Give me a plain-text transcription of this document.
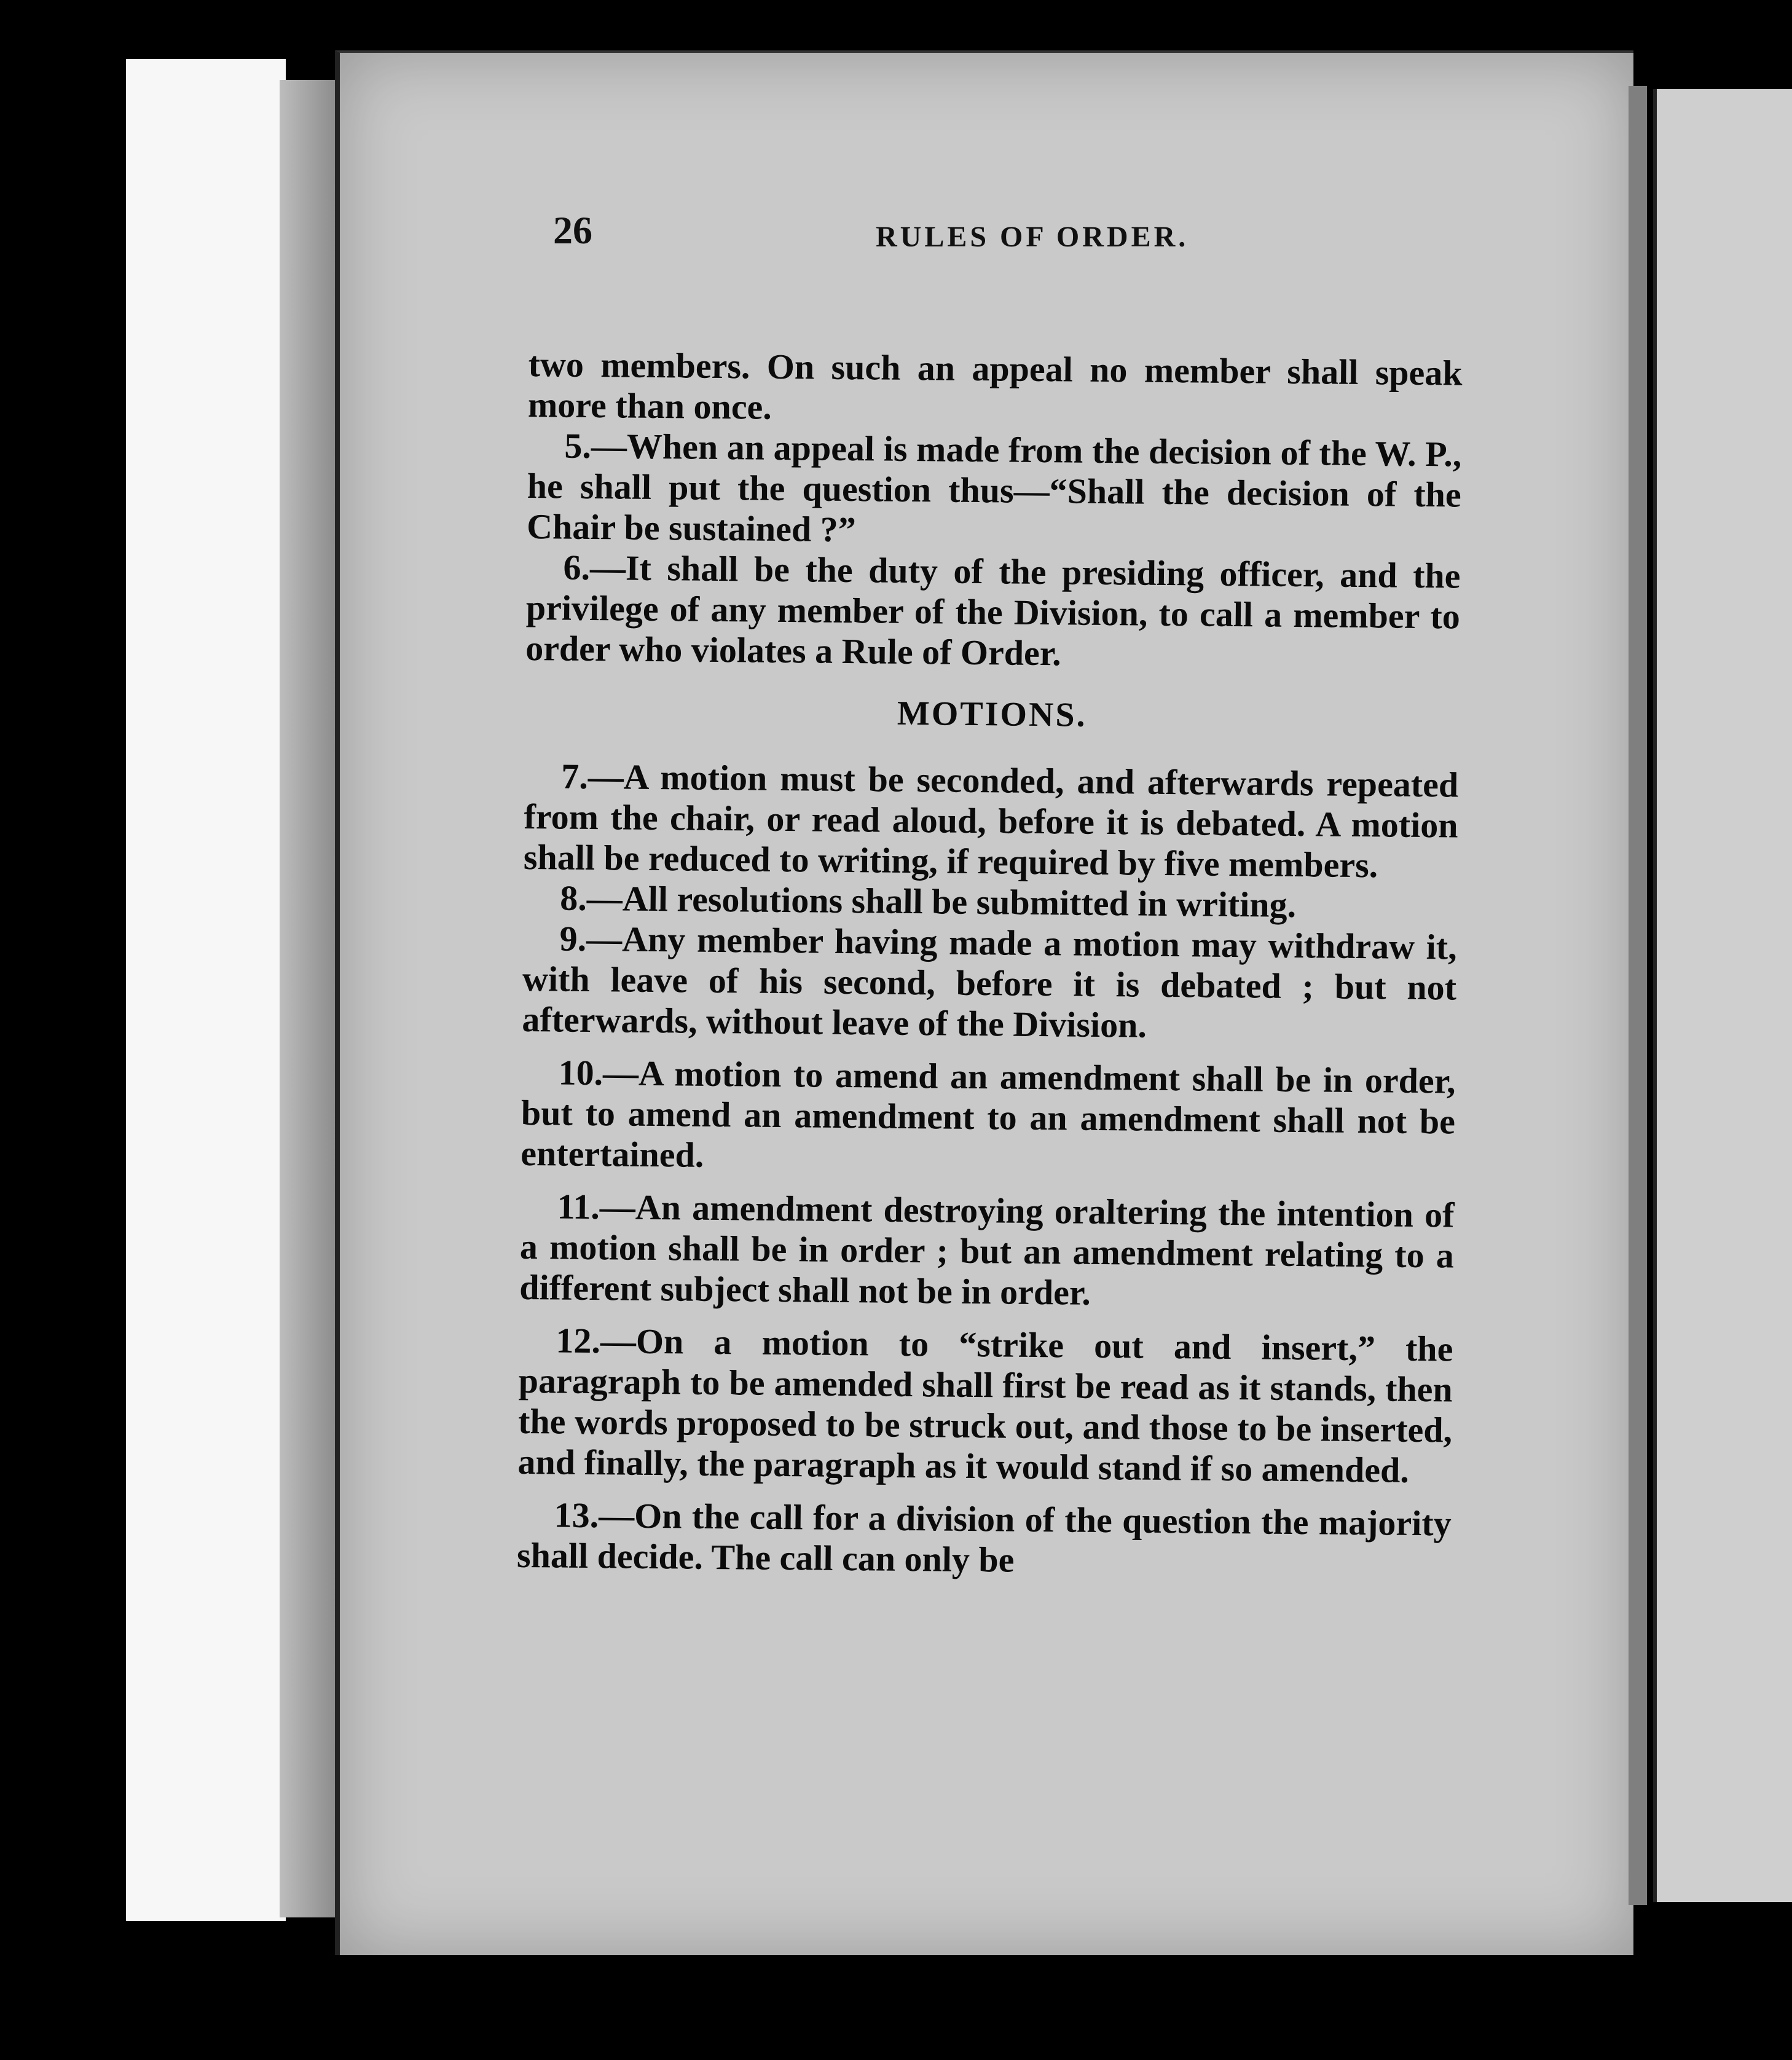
26	RULES OF ORDER.

two members. On such an appeal no member shall speak more than once.

5.—When an appeal is made from the decision of the W. P., he shall put the question thus—“Shall the decision of the Chair be sustained ?”

6.—It shall be the duty of the presiding officer, and the privilege of any member of the Division, to call a member to order who violates a Rule of Order.

MOTIONS.

7.—A motion must be seconded, and afterwards repeated from the chair, or read aloud, before it is debated. A motion shall be reduced to writing, if required by five members.

8.—All resolutions shall be submitted in writing.

9.—Any member having made a motion may withdraw it, with leave of his second, before it is debated ; but not afterwards, without leave of the Division.

10.—A motion to amend an amendment shall be in order, but to amend an amendment to an amendment shall not be entertained.

11.—An amendment destroying oraltering the intention of a motion shall be in order ; but an amendment relating to a different subject shall not be in order.

12.—On a motion to “strike out and insert,” the paragraph to be amended shall first be read as it stands, then the words proposed to be struck out, and those to be inserted, and finally, the paragraph as it would stand if so amended.

13.—On the call for a division of the question the majority shall decide. The call can only be
